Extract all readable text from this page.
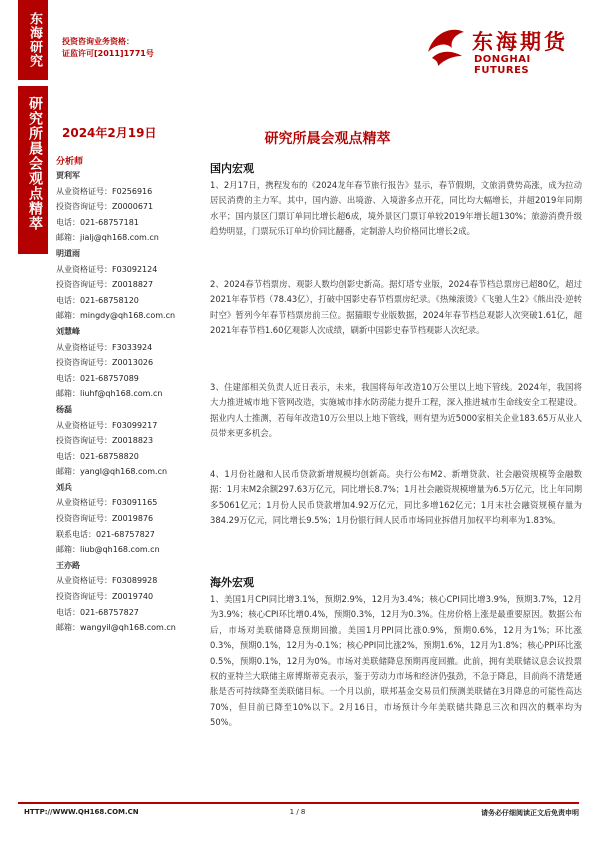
东海研究
研究所晨会观点精萃
投资咨询业务资格：
证监许可[2011]1771号	东海期货
DONGHAI FUTURES
2024年2月19日	研究所晨会观点精萃
分析师
贾利军
从业资格证号：F0256916
投资咨询证号：Z0000671
电话：021-68757181
邮箱：jialj@qh168.com.cn
明道雨
从业资格证号：F03092124
投资咨询证号：Z0018827
电话：021-68758120
邮箱：mingdy@qh168.com.cn
刘慧峰
从业资格证号：F3033924
投资咨询证号：Z0013026
电话：021-68757089
邮箱：liuhf@qh168.com.cn
杨磊
从业资格证号：F03099217
投资咨询证号：Z0018823
电话：021-68758820
邮箱：yangl@qh168.com.cn
刘兵
从业资格证号：F03091165
投资咨询证号：Z0019876
联系电话：021-68757827
邮箱：liub@qh168.com.cn
王亦路
从业资格证号：F03089928
投资咨询证号：Z0019740
电话：021-68757827
邮箱：wangyil@qh168.com.cn
国内宏观
1、2月17日，携程发布的《2024龙年春节旅行报告》显示，春节假期，文旅消费势高涨，成为拉动居民消费的主力军。其中，国内游、出境游、入境游多点开花，同比均大幅增长，并超2019年同期水平；国内景区门票订单同比增长超6成，境外景区门票订单较2019年增长超130%；旅游消费升级趋势明显，门票玩乐订单均价同比翻番，定制游人均价格同比增长2成。
2、2024春节档票房、观影人数均创影史新高。据灯塔专业版，2024春节档总票房已超80亿，超过2021年春节档（78.43亿），打破中国影史春节档票房纪录。《热辣滚烫》《飞驰人生2》《熊出没·逆转时空》暂列今年春节档票房前三位。据猫眼专业版数据，2024年春节档总观影人次突破1.61亿，超2021年春节档1.60亿观影人次成绩，刷新中国影史春节档观影人次纪录。
3、住建部相关负责人近日表示，未来，我国将每年改造10万公里以上地下管线。2024年，我国将大力推进城市地下管网改造，实施城市排水防涝能力提升工程，深入推进城市生命线安全工程建设。据业内人士推测，若每年改造10万公里以上地下管线，则有望为近5000家相关企业183.65万从业人员带来更多机会。
4、1月份社融和人民币贷款新增规模均创新高。央行公布M2、新增贷款、社会融资规模等金融数据：1月末M2余额297.63万亿元，同比增长8.7%；1月社会融资规模增量为6.5万亿元，比上年同期多5061亿元；1月份人民币贷款增加4.92万亿元，同比多增162亿元；1月末社会融资规模存量为384.29万亿元，同比增长9.5%；1月份银行间人民币市场同业拆借月加权平均利率为1.83%。
海外宏观
1、美国1月CPI同比增3.1%，预期2.9%，12月为3.4%；核心CPI同比增3.9%，预期3.7%，12月为3.9%；核心CPI环比增0.4%，预期0.3%，12月为0.3%。住房价格上涨是最重要原因。数据公布后，市场对美联储降息预期回撤。美国1月PPI同比涨0.9%，预期0.6%，12月为1%；环比涨0.3%，预期0.1%，12月为-0.1%；核心PPI同比涨2%，预期1.6%，12月为1.8%；核心PPI环比涨0.5%，预期0.1%，12月为0%。市场对美联储降息预期再度回撤。此前，拥有美联储议息会议投票权的亚特兰大联储主席博斯蒂克表示，鉴于劳动力市场和经济仍强劲，不急于降息，目前尚不清楚通胀是否可持续降至美联储目标。一个月以前，联邦基金交易员们预测美联储在3月降息的可能性高达70%，但目前已降至10%以下。2月16日，市场预计今年美联储共降息三次和四次的概率均为50%。
HTTP://WWW.QH168.COM.CN	1 / 8	请务必仔细阅读正文后免责申明
